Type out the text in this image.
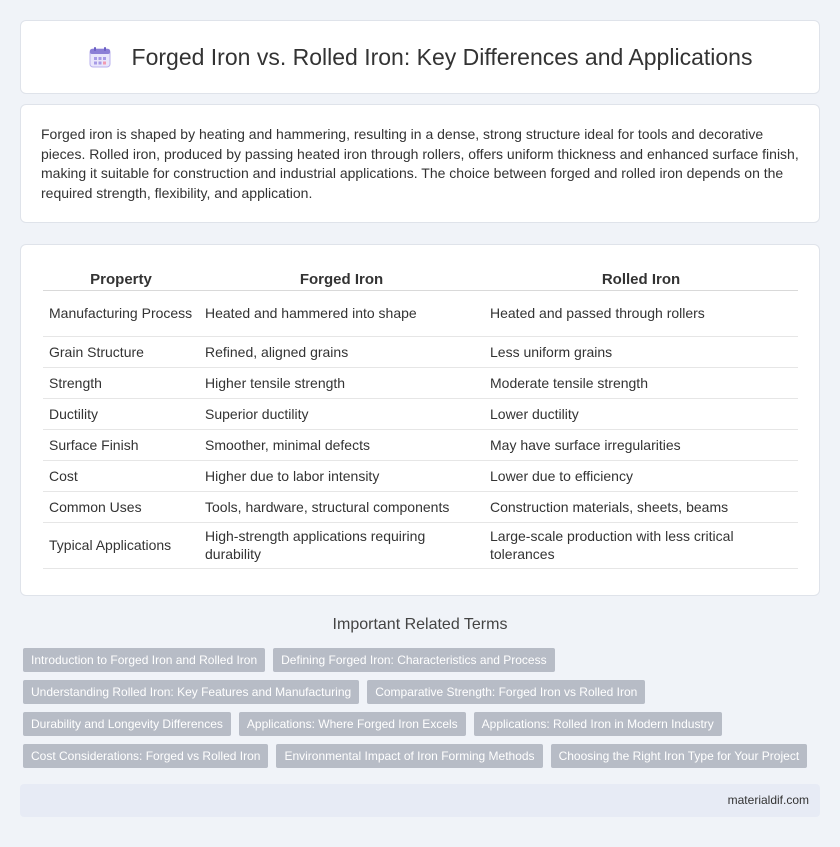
Forged Iron vs. Rolled Iron: Key Differences and Applications

Forged iron is shaped by heating and hammering, resulting in a dense, strong structure ideal for tools and decorative pieces. Rolled iron, produced by passing heated iron through rollers, offers uniform thickness and enhanced surface finish, making it suitable for construction and industrial applications. The choice between forged and rolled iron depends on the required strength, flexibility, and application.

Property	Forged Iron	Rolled Iron
Manufacturing Process	Heated and hammered into shape	Heated and passed through rollers
Grain Structure	Refined, aligned grains	Less uniform grains
Strength	Higher tensile strength	Moderate tensile strength
Ductility	Superior ductility	Lower ductility
Surface Finish	Smoother, minimal defects	May have surface irregularities
Cost	Higher due to labor intensity	Lower due to efficiency
Common Uses	Tools, hardware, structural components	Construction materials, sheets, beams
Typical Applications	High-strength applications requiring durability	Large-scale production with less critical tolerances
Important Related Terms
Introduction to Forged Iron and Rolled Iron	Defining Forged Iron: Characteristics and Process
Understanding Rolled Iron: Key Features and Manufacturing	Comparative Strength: Forged Iron vs Rolled Iron
Durability and Longevity Differences	Applications: Where Forged Iron Excels	Applications: Rolled Iron in Modern Industry
Cost Considerations: Forged vs Rolled Iron	Environmental Impact of Iron Forming Methods	Choosing the Right Iron Type for Your Project
materialdif.com
